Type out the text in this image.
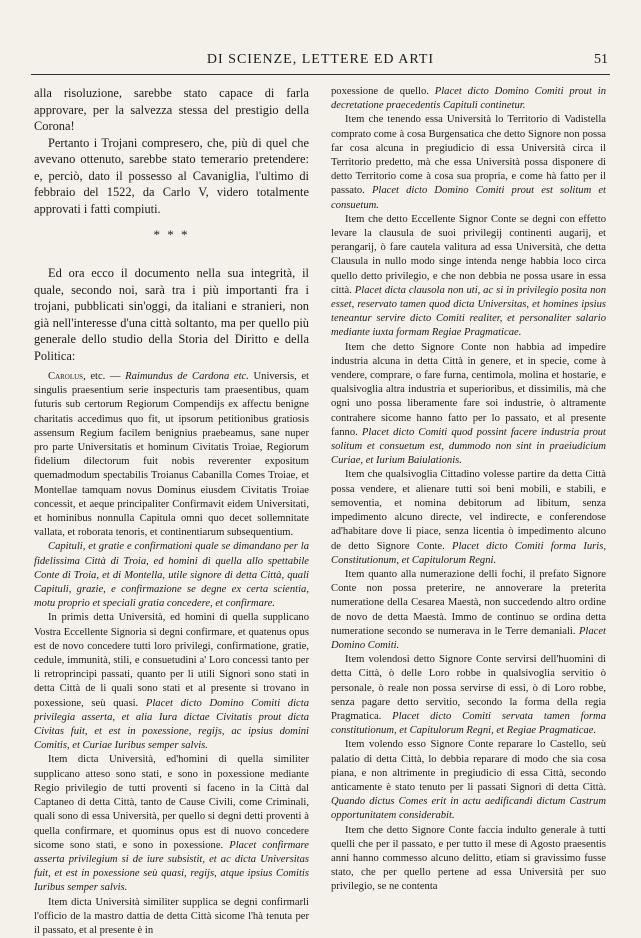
DI SCIENZE, LETTERE ED ARTI	51

alla risoluzione, sarebbe stato capace di farla approvare, per la salvezza stessa del prestigio della Corona!

Pertanto i Trojani compresero, che, più di quel che avevano ottenuto, sarebbe stato temerario pretendere: e, perciò, dato il possesso al Cavaniglia, l'ultimo di febbraio del 1522, da Carlo V, videro totalmente approvati i fatti compiuti.

* * *

Ed ora ecco il documento nella sua integrità, il quale, secondo noi, sarà tra i più importanti fra i trojani, pubblicati sin'oggi, da italiani e stranieri, non già nell'interesse d'una città soltanto, ma per quello più generale dello studio della Storia del Diritto e della Politica:

Carolus, etc. — Raimundus de Cardona etc. Universis, et singulis praesentium serie inspecturis tam praesentibus, quam futuris sub certorum Regiorum Compendijs ex affectu benigne charitatis accedimus quo fit, ut ipsorum petitionibus gratiosis assensum Regium facilem benignius praebeamus, sane nuper pro parte Universitatis et hominum Civitatis Troiae, Regiorum fidelium dilectorum fuit nobis reverenter expositum quemadmodum spectabilis Troianus Cabanilla Comes Troiae, et Montellae tamquam novus Dominus eiusdem Civitatis Troiae concessit, et aeque principaliter Confirmavit eidem Universitati, et hominibus nonnulla Capitula omni quo decet sollemnitate vallata, et roborata tenoris, et continentiarum subsequentium.

Capituli, et gratie e confirmationi quale se dimandano per la fidelissima Città di Troia, ed homini di quella allo spettabile Conte di Troia, et di Montella, utile signore di detta Città, quali Capituli, grazie, e confirmazione se degne ex certa scientia, motu proprio et speciali gratia concedere, et confirmare.

In primis detta Università, ed homini di quella supplicano Vostra Eccellente Signoria si degni confirmare, et quatenus opus est de novo concedere tutti loro privilegi, confirmatione, gratie, cedule, immunità, stili, e consuetudini a' Loro concessi tanto per li retroprincipi passati, quanto per li utili Signori sono stati in detta Città de li quali sono stati et al presente si trovano in poxessione, seù quasi. Placet dicto Domino Comiti dicta privilegia asserta, et alia Iura dictae Civitatis prout dicta Civitas fuit, et est in poxessione, regijs, ac ipsius domini Comitis, et Curiae Iuribus semper salvis.

Item dicta Università, ed'homini di quella similiter supplicano atteso sono stati, e sono in poxessione mediante Regio privilegio de tutti proventi si faceno in la Città dal Captaneo di detta Città, tanto de Cause Civili, come Criminali, quali sono di essa Università, per quello si degni detti proventi à quella confirmare, et quominus opus est di nuovo concedere sicome sono stati, e sono in poxessione. Placet confirmare asserta privilegium si de iure subsistit, et ac dicta Universitas fuit, et est in poxessione seù quasi, regijs, atque ipsius Comitis Iuribus semper salvis.

Item dicta Università similiter supplica se degni confirmarli l'officio de la mastro dattia de detta Città sicome l'hà tenuta per il passato, et al presente è in

poxessione de quello. Placet dicto Domino Comiti prout in decretatione praecedentis Capituli continetur.

Item che tenendo essa Università lo Territorio di Vadistella comprato come à cosa Burgensatica che detto Signore non possa far cosa alcuna in pregiudicio di essa Università circa il Territorio predetto, mà che essa Università possa disponere di detto Territorio come à cosa sua propria, e come hà fatto per il passato. Placet dicto Domino Comiti prout est solitum et consuetum.

Item che detto Eccellente Signor Conte se degni con effetto levare la clausula de suoi privilegij continenti augarij, et perangarij, ò fare cautela valitura ad essa Università, che detta Clausula in nullo modo singe intenda nenge habbia loco circa quello detto privilegio, e che non debbia ne possa usare in essa città. Placet dicta clausola non uti, ac si in privilegio posita non esset, reservato tamen quod dicta Universitas, et homines ipsius teneantur servire dicto Comiti realiter, et personaliter salario mediante iuxta formam Regiae Pragmaticae.

Item che detto Signore Conte non habbia ad impedire industria alcuna in detta Città in genere, et in specie, come à vendere, comprare, o fare furna, centimola, molina et hostarie, e qualsivoglia altra industria et superioribus, et dissimilis, mà che ogni uno possa liberamente fare soi industrie, ò altramente contrahere sicome hanno fatto per lo passato, et al presente fanno. Placet dicto Comiti quod possint facere industria prout solitum et consuetum est, dummodo non sint in praeiudicium Curiae, et Iurium Baiulationis.

Item che qualsivoglia Cittadino volesse partire da detta Città possa vendere, et alienare tutti soi beni mobili, e stabili, e semoventia, et nomina debitorum ad libitum, senza impedimento alcuno directe, vel indirecte, e conferendose ad'habitare dove li piace, senza licentia ò impedimento alcuno de detto Signore Conte. Placet dicto Comiti forma Iuris, Constitutionum, et Capitulorum Regni.

Item quanto alla numerazione delli fochi, il prefato Signore Conte non possa preterire, ne annoverare la preterita numeratione della Cesarea Maestà, non succedendo altro ordine de novo de detta Maestà. Immo de continuo se ordina detta numeratione secondo se numerava in le Terre demaniali. Placet Domino Comiti.

Item volendosi detto Signore Conte servirsi dell'huomini di detta Città, ò delle Loro robbe in qualsivoglia servitio ò personale, ò reale non possa servirse di essi, ò di Loro robbe, senza pagare detto servitio, secondo la forma della regia Pragmatica. Placet dicto Comiti servata tamen forma constitutionum, et Capitulorum Regni, et Regiae Pragmaticae.

Item volendo esso Signore Conte reparare lo Castello, seù palatio di detta Città, lo debbia reparare di modo che sia cosa piana, e non altrimente in pregiudicio di essa Città, secondo anticamente è stato tenuto per li passati Signori di detta Città. Quando dictus Comes erit in actu aedificandi dictum Castrum opportunitatem considerabit.

Item che detto Signore Conte faccia indulto generale à tutti quelli che per il passato, e per tutto il mese di Agosto praesentis anni hanno commesso alcuno delitto, etiam si gravissimo fusse stato, che per quello pertene ad essa Università per suo privilegio, se ne contenta
